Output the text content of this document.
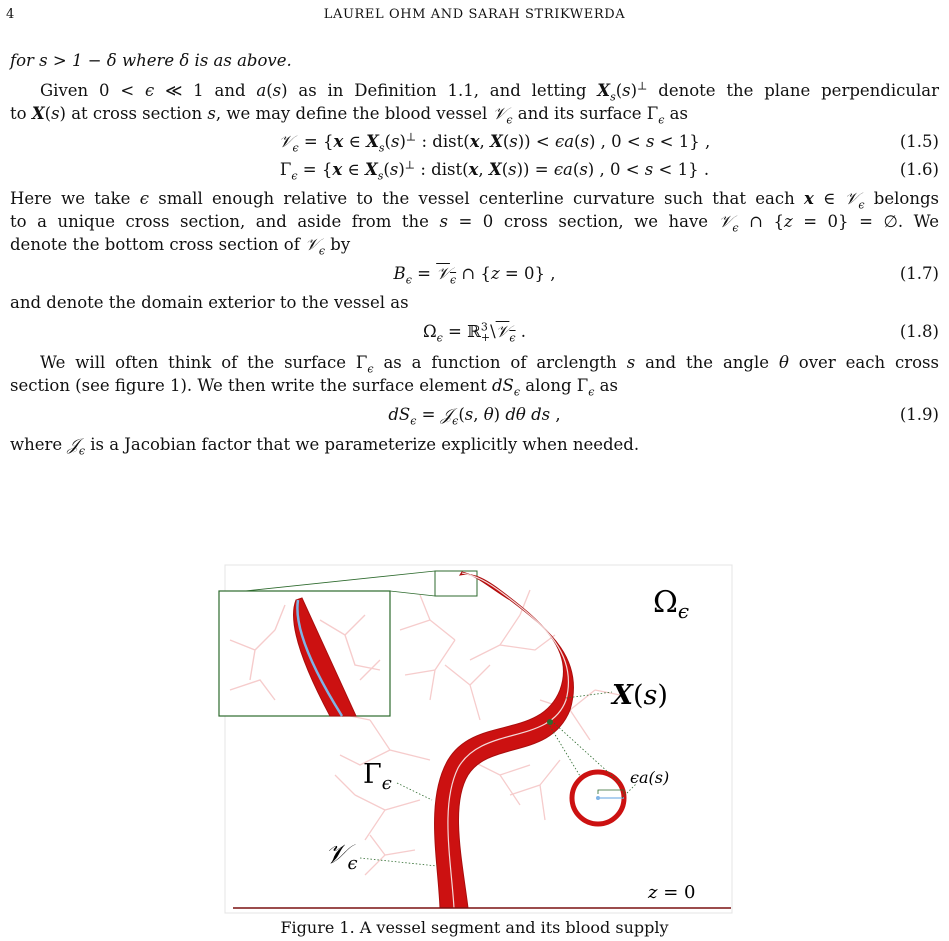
4	LAUREL OHM AND SARAH STRIKWERDA
for s > 1 − δ where δ is as above.
Given 0 < ϵ ≪ 1 and a(s) as in Definition 1.1, and letting $X_s(s)^\perp$ denote the plane perpendicular
to X(s) at cross section s, we may define the blood vessel 𝒱$_\epsilon$ and its surface $\Gamma_\epsilon$ as
𝒱$_\epsilon$ = {x ∈ $X_s(s)^\perp$ : dist(x, X(s)) < ϵa(s) , 0 < s < 1} ,	(1.5)
$\Gamma_\epsilon = \{x$ ∈ $X_s(s)^\perp$ : dist(x, X(s)) = ϵa(s) , 0 < s < 1} .	(1.6)
Here we take ϵ small enough relative to the vessel centerline curvature such that each x ∈ 𝒱$_\epsilon$ belongs
to a unique cross section, and aside from the s = 0 cross section, we have 𝒱$_\epsilon$ ∩ {z = 0} = ∅. We
denote the bottom cross section of 𝒱$_\epsilon$ by
$B_\epsilon$ = 𝒱$_\epsilon$ ∩ {z = 0} ,	(1.7)
and denote the domain exterior to the vessel as
$\Omega_\epsilon$ = ℝ$^3_+$\𝒱$_\epsilon$ .	(1.8)
We will often think of the surface $\Gamma_\epsilon$ as a function of arclength s and the angle θ over each cross
section (see figure 1). We then write the surface element $dS_\epsilon$ along $\Gamma_\epsilon$ as
$dS_\epsilon$ = 𝒥$_\epsilon$(s, θ) dθ ds ,	(1.9)
where 𝒥$_\epsilon$ is a Jacobian factor that we parameterize explicitly when needed.
$\Omega_\epsilon$
X(s)
ϵa(s)
$\Gamma_\epsilon$
𝒱$_\epsilon$
z = 0
Figure 1. A vessel segment and its blood supply
